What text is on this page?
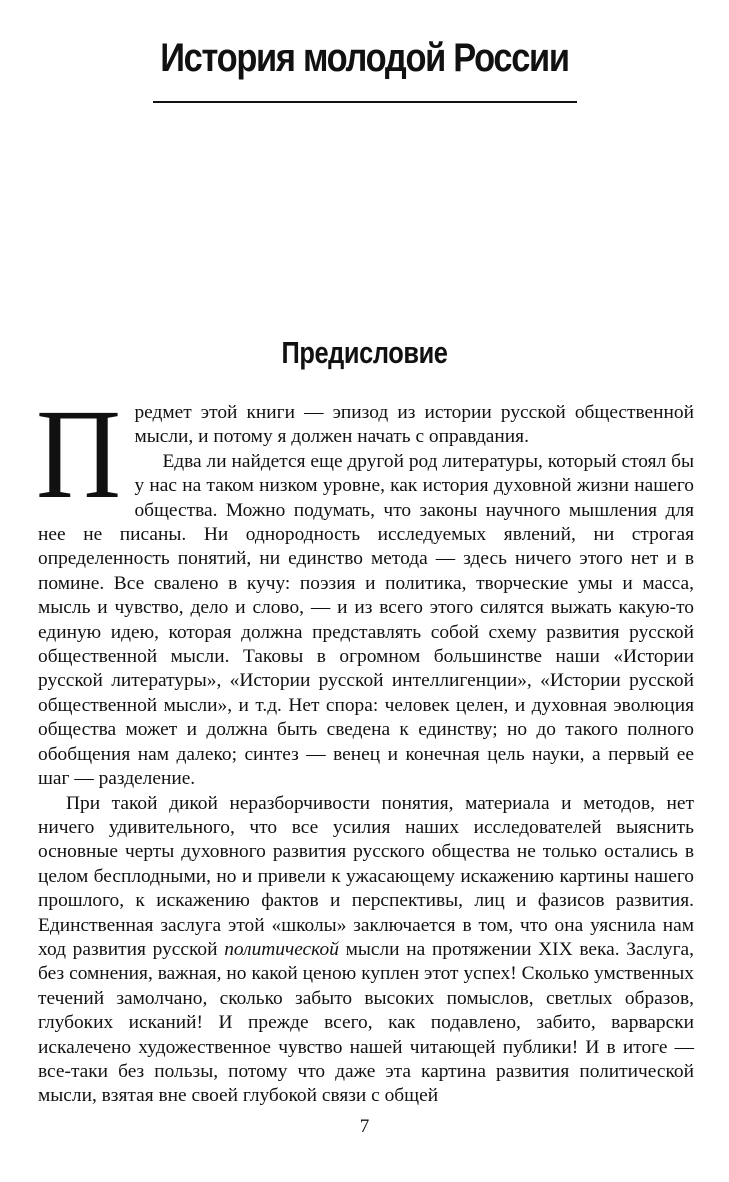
История молодой России
Предисловие

Предмет этой книги — эпизод из истории русской общественной мысли, и потому я должен начать с оправдания.

Едва ли найдется еще другой род литературы, который стоял бы у нас на таком низком уровне, как история духовной жизни нашего общества. Можно подумать, что законы научного мышления для нее не писаны. Ни однородность исследуемых явлений, ни строгая определенность понятий, ни единство метода — здесь ничего этого нет и в помине. Все свалено в кучу: поэзия и политика, творческие умы и масса, мысль и чувство, дело и слово, — и из всего этого силятся выжать какую-то единую идею, которая должна представлять собой схему развития русской общественной мысли. Таковы в огромном большинстве наши «Истории русской литературы», «Истории русской интеллигенции», «Истории русской общественной мысли», и т.д. Нет спора: человек целен, и духовная эволюция общества может и должна быть сведена к единству; но до такого полного обобщения нам далеко; синтез — венец и конечная цель науки, а первый ее шаг — разделение.

При такой дикой неразборчивости понятия, материала и методов, нет ничего удивительного, что все усилия наших исследователей выяснить основные черты духовного развития русского общества не только остались в целом бесплодными, но и привели к ужасающему искажению картины нашего прошлого, к искажению фактов и перспективы, лиц и фазисов развития. Единственная заслуга этой «школы» заключается в том, что она уяснила нам ход развития русской политической мысли на протяжении XIX века. Заслуга, без сомнения, важная, но какой ценою куплен этот успех! Сколько умственных течений замолчано, сколько забыто высоких помыслов, светлых образов, глубоких исканий! И прежде всего, как подавлено, забито, варварски искалечено художественное чувство нашей читающей публики! И в итоге — все-таки без пользы, потому что даже эта картина развития политической мысли, взятая вне своей глубокой связи с общей

7
